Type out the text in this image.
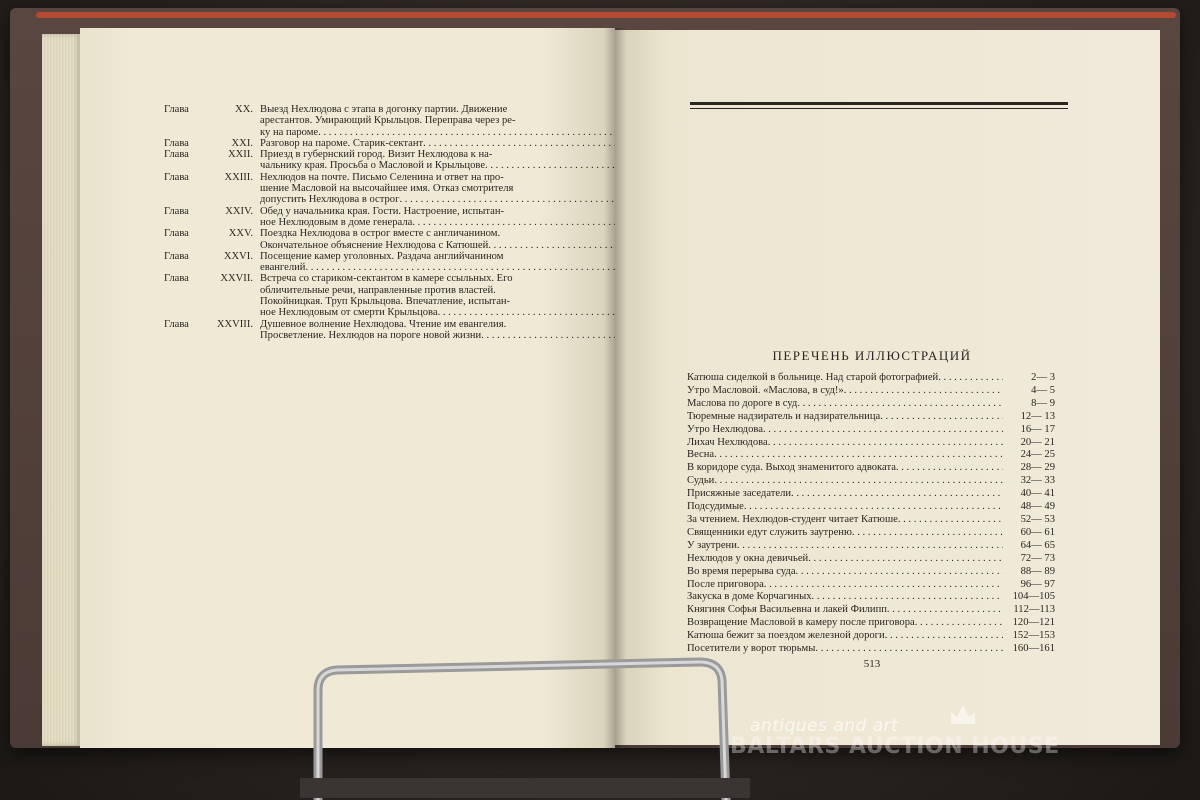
Глава	XX. Выезд Нехлюдова с этапа в догонку партии. Движение
арестантов. Умирающий Крыльцов. Переправа через ре-
ку на пароме
. . .
Глава	XXI. Разговор на пароме. Старик-сектант
. . .
Глава	XXII. Приезд в губернский город. Визит Нехлюдова к на-
чальнику края. Просьба о Масловой и Крыльцове
. . .
Глава	XXIII. Нехлюдов на почте. Письмо Селенина и ответ на про-
шение Масловой на высочайшее имя. Отказ смотрителя
допустить Нехлюдова в острог
. . .
Глава	XXIV. Обед у начальника края. Гости. Настроение, испытан-
ное Нехлюдовым в доме генерала
. . .
Глава	XXV. Поездка Нехлюдова в острог вместе с англичанином.
Окончательное объяснение Нехлюдова с Катюшей
. . .
Глава	XXVI. Посещение камер уголовных. Раздача английчанином
евангелий
. . .
Глава	XXVII. Встреча со стариком-сектантом в камере ссыльных. Его
обличительные речи, направленные против властей.
Покойницкая. Труп Крыльцова. Впечатление, испытан-
ное Нехлюдовым от смерти Крыльцова
. . .
Глава	XXVIII. Душевное волнение Нехлюдова. Чтение им евангелия.
Просветление. Нехлюдов на пороге новой жизни
. . .
ПЕРЕЧЕНЬ ИЛЛЮСТРАЦИЙ
Катюша сиделкой в больнице. Над старой фотографией . . .	2— 3
Утро Масловой. «Маслова, в суд!» . . .	4— 5
Маслова по дороге в суд . . .	8— 9
Тюремные надзиратель и надзирательница . . .	12— 13
Утро Нехлюдова . . .	16— 17
Лихач Нехлюдова . . .	20— 21
Весна . . .	24— 25
В коридоре суда. Выход знаменитого адвоката . . .	28— 29
Судьи . . .	32— 33
Присяжные заседатели . . .	40— 41
Подсудимые . . .	48— 49
За чтением. Нехлюдов-студент читает Катюше . . .	52— 53
Священники едут служить заутреню . . .	60— 61
У заутрени . . .	64— 65
Нехлюдов у окна девичьей . . .	72— 73
Во время перерыва суда . . .	88— 89
После приговора . . .	96— 97
Закуска в доме Корчагиных . . .	104—105
Княгиня Софья Васильевна и лакей Филипп . . .	112—113
Возвращение Масловой в камеру после приговора . . .	120—121
Катюша бежит за поездом железной дороги . . .	152—153
Посетители у ворот тюрьмы . . .	160—161
513
antiques and art
BALTARS AUCTION HOUSE
